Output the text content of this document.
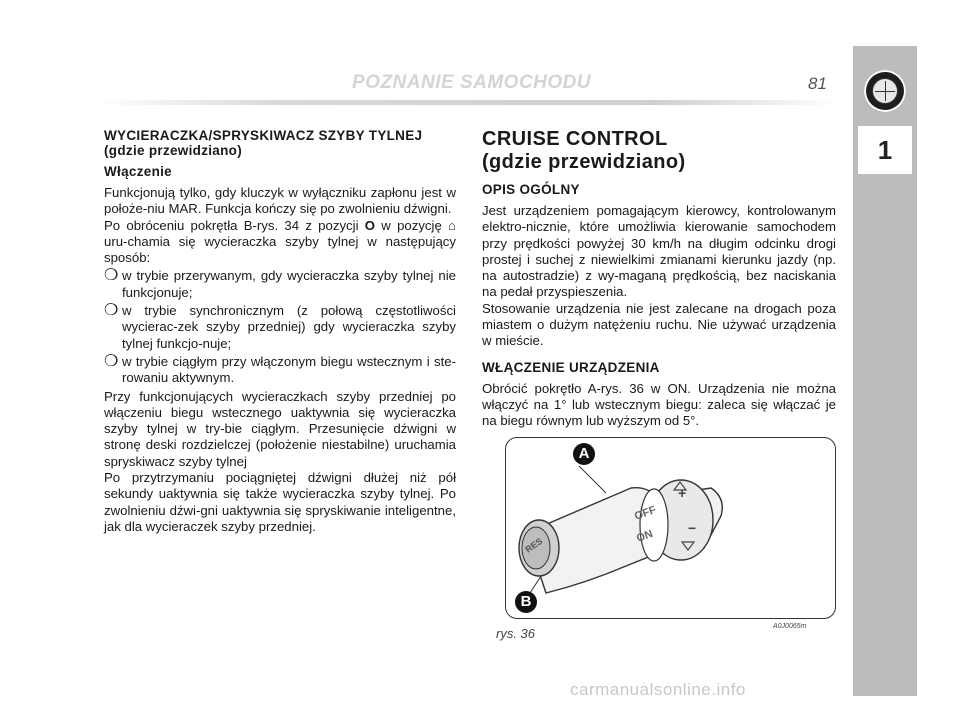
POZNANIE SAMOCHODU	81
1
WYCIERACZKA/SPRYSKIWACZ SZYBY TYLNEJ (gdzie przewidziano)
Włączenie

Funkcjonują tylko, gdy kluczyk w wyłączniku zapłonu jest w położe-niu MAR. Funkcja kończy się po zwolnieniu dźwigni.

Po obróceniu pokrętła B-rys. 34 z pozycji O w pozycję ⌂ uru-chamia się wycieraczka szyby tylnej w następujący sposób:

❍ w trybie przerywanym, gdy wycieraczka szyby tylnej nie funkcjonuje;
❍ w trybie synchronicznym (z połową częstotliwości wycierac-zek szyby przedniej) gdy wycieraczka szyby tylnej funkcjo-nuje;
❍ w trybie ciągłym przy włączonym biegu wstecznym i ste-rowaniu aktywnym.

Przy funkcjonujących wycieraczkach szyby przedniej po włączeniu biegu wstecznego uaktywnia się wycieraczka szyby tylnej w try-bie ciągłym. Przesunięcie dźwigni w stronę deski rozdzielczej (położenie niestabilne) uruchamia spryskiwacz szyby tylnej

Po przytrzymaniu pociągniętej dźwigni dłużej niż pół sekundy uaktywnia się także wycieraczka szyby tylnej. Po zwolnieniu dźwi-gni uaktywnia się spryskiwanie inteligentne, jak dla wycieraczek szyby przedniej.

CRUISE CONTROL
(gdzie przewidziano)
OPIS OGÓLNY

Jest urządzeniem pomagającym kierowcy, kontrolowanym elektro-nicznie, które umożliwia kierowanie samochodem przy prędkości powyżej 30 km/h na długim odcinku drogi prostej i suchej z niewielkimi zmianami kierunku jazdy (np. na autostradzie) z wy-maganą prędkością, bez naciskania na pedał przyspieszenia.

Stosowanie urządzenia nie jest zalecane na drogach poza miastem o dużym natężeniu ruchu. Nie używać urządzenia w mieście.

WŁĄCZENIE URZĄDZENIA

Obrócić pokrętło A-rys. 36 w ON. Urządzenia nie można włączyć na 1° lub wstecznym biegu: zaleca się włączać je na biegu równym lub wyższym od 5°.

RES
OFF
ON
+
−
A
B
rys. 36	A0J0065m
carmanualsonline.info
